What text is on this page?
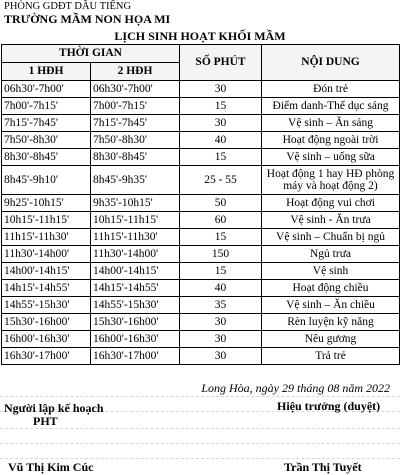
PHÒNG GDĐT DẦU TIẾNG
TRƯỜNG MẦM NON HỌA MI
LỊCH SINH HOẠT KHỐI MẦM
THỜI GIAN		SỐ PHÚT	NỘI DUNG
1 HĐH	2 HĐH		
06h30'-7h00'	06h30'-7h00'	30	Đón trẻ
7h00'-7h15'	7h00'-7h15'	15	Điểm danh-Thể dục sáng
7h15'-7h45'	7h15'-7h45'	30	Vệ sinh – Ăn sáng
7h50'-8h30'	7h50'-8h30'	40	Hoạt động ngoài trời
8h30'-8h45'	8h30'-8h45'	15	Vệ sinh – uống sữa
8h45'-9h10'	8h45'-9h35'	25 - 55	Hoạt động 1 hay HĐ phòng máy và hoạt động 2)
9h25'-10h15'	9h35'-10h15'	50	Hoạt động vui chơi
10h15'-11h15'	10h15'-11h15'	60	Vệ sinh - Ăn trưa
11h15'-11h30'	11h15'-11h30'	15	Vệ sinh – Chuẩn bị ngủ
11h30'-14h00'	11h30'-14h00'	150	Ngủ trưa
14h00'-14h15'	14h00'-14h15'	15	Vệ sinh
14h15'-14h55'	14h15'-14h55'	40	Hoạt động chiều
14h55'-15h30'	14h55'-15h30'	35	Vệ sinh – Ăn chiều
15h30'-16h00'	15h30'-16h00'	30	Rèn luyện kỹ năng
16h00'-16h30'	16h00'-16h30'	30	Nêu gương
16h30'-17h00'	16h30'-17h00'	30	Trả trẻ
Long Hòa, ngày 29 tháng 08 năm 2022
Người lập kế hoạch	Hiệu trưởng (duyệt)
PHT
Vũ Thị Kim Cúc	Trần Thị Tuyết
